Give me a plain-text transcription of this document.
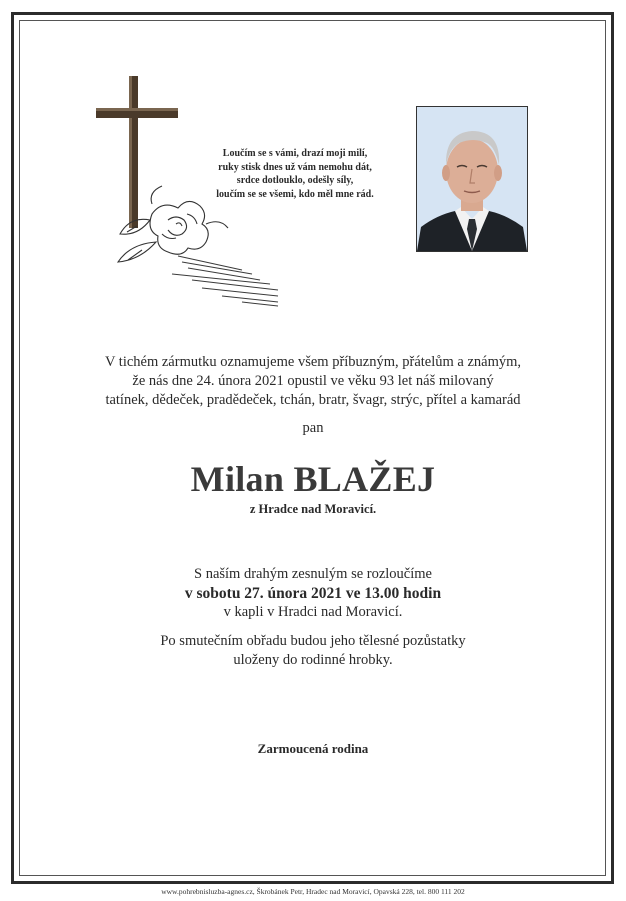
Loučím se s vámi, drazí moji milí,
ruky stisk dnes už vám nemohu dát,
srdce dotlouklo, odešly síly,
loučím se se všemi, kdo měl mne rád.
V tichém zármutku oznamujeme všem příbuzným, přátelům a známým,
že nás dne 24. února 2021 opustil ve věku 93 let náš milovaný
tatínek, dědeček, pradědeček, tchán, bratr, švagr, strýc, přítel a kamarád
pan
Milan BLAŽEJ
z Hradce nad Moravicí.
S naším drahým zesnulým se rozloučíme
v sobotu 27. února 2021 ve 13.00 hodin
v kapli v Hradci nad Moravicí.
Po smutečním obřadu budou jeho tělesné pozůstatky
uloženy do rodinné hrobky.
Zarmoucená rodina
www.pohrebnisluzba-agnes.cz, Škrobánek Petr, Hradec nad Moravicí, Opavská 228, tel. 800 111 202
